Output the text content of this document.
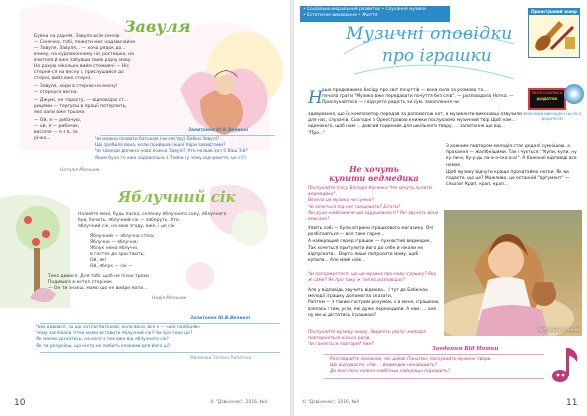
Завуля
Буйна на рідняя. Завуля всім сенню
— Сонечко, тобі, пожати моє надзвичайне
— Завуля, Завуля... — хоча рядок до...
вчиму, на кудлоконному ніс ростишко, на
вчителя й вже забувши свою рідну мову.
Не рахую ніколько вийм стеживчі — Ніс
стерня-ся на весну і, прислушайся до
стерні, вийз вже стерні.
— Завуля, ходи в стерню на весну!
— стернуся весна.
— Джумі, не тарасту, — відповідає ст...
рицями — торгуєш в прації потерпить,
яко хапи вже трьома.
— Ой, я — рибачую,
— ой, я — рибачок,
весілля — я з в, за
річка...
Наталія Мельник
Запитання Ю.В.Великої
Чи можна назвати батьком (чи сестру) Бабки Завулі?
Що зробила вона, коли прийшов іншої пори завидтами?
Чи завжди дівчина нова кожна Завулі? Хто назвав хоч б Ваш Зій?
Яким була то вже задовольна з Тайки (у чому відчуваєте, це сі?)
Яблучний сік
Налийте мені, будь ласка, склянку яблучного соку, яблучного
був, бачить, яблучний сік — заберуть. Хто
яблучний сік, на мою згоду, вже, і це сік
Яблучний — яблучна сітка;
Яблучна — яблучна;
Яблук нема яблучні,
в гостях до зростають;
Ой, як!
Ой, яблук — сік —
Тихо дивися. Для тобі, щоб не пізно трохи
Подивися в котел сторінок
— Он ти знаєш, мамо що не вийде мати...
Надія Мельник
Запитання Ю.В.Великої
Чим дивився, за що хотіли батькові, коли вона, все є — «він пообіцяв»
Чому заспівала тітко мами вставити яблучний сік? Чи про тихо це?
Як маємо дізнатись, на кого з тих вже від яблучного сік?
Як ти розумієш, що ніхто не любить казками для його ці?
Малюнки Тетяна Лопатіна
10	© "Дзвіночок", 2016, №4
• Соціально-моральний розвиток • Слухання музики
• Естетичне виховання • Життя
Оркестровий жанр
Музичні оповідки
про іграшки
ЗВУКОЗАПИСИ
ДОДАТОК
ЗВУКОВИЙ ВИКЛАДАЧ НА CD З ДОДАТКОМ
Н ашо продовжимо бесіду про світ почуттів — вона сила за розмова та...
почала грати "Музика вже передавати почуття без слів", — розповідала Нотка. — Прислухайтеся — і відчуєте радість чи сум, захоплення чи
здивування, що їх композитор передав за допомогою нот, а музиканти-виконавці озвучили для нас, слухачів. Сьогодні з Оркестровою книжки послухаємо музичний твір Щоб нам...
одинокого, щоб нам ... довгий годинник для шкільного твору, ... запитання що від... "Про..."
Не хочуть
купити ведмедика
Послухайте п'єсу Віктора Косенка "Не хочуть купити ведмедика".
Весела ця музика чи сумна?
Чи хочеться під неї танцювати? Бігати?
Які рухи найближче цій задушевності? Які звучать вона описано?
Уявіть собі — були вітрини іграшкового магазину. Очі розбігаються — все таке гарне...
А найкращий серед іграшок — пухнастий ведмедик. Так хочеться притулити його до себе й ніколи не відпускати... Варто лише попросити маму, щоб купила... Але мамі ніяк...
Чи погоджуєтеся, що це музика про нову іграшку? Яку ж саме? Як про таку ж тепло розповідає?
Але у відповідь звучить відмова... І тут до Бабкінах мелодії іграшку допомогла сказати,
Раптом — з таким гострим розумом, є в мене, іграшкою, взялась і тим, усім, які дуже переходили. А нам, ... але ну ми ці дістатись іграшкою?
Послухайте музику знову. Зверніть увагу: мелодія повторюється кілька разів.
Чи ганяється повтори? Чим?
З кожним повтором мелодія стає дедалі сумнішою, а прохання — жалібнішими. Так і чується: "Купи, купи, ну ку-пи-и, бу-у-дь ла-а-а-ска-а-а!". А бажаної відповіді все немає.
Щоб музику відчути краще прочитаймо нотки. Як ви гадаєте, що це? Можливо, це останній "аргумент" — сльози! Крап, крап, крап...
Артур Брегуланов
Завдання Від Нотки
Розглядайте малюнок, які дійові Панатин, послухайте музичні твори.
Що відчуваєте, спів ... ведмедик ненавидить?
До якої пісні кожна найбільш найкраща підходить?
© "Дзвіночок", 2016, №4	11
